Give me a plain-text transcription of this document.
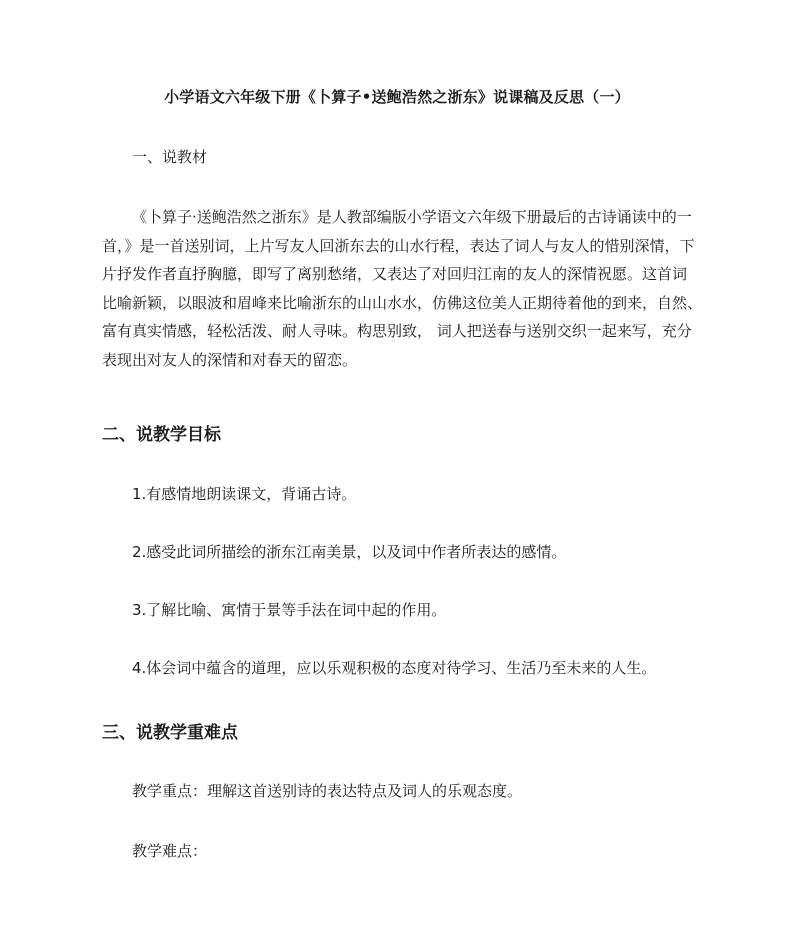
小学语文六年级下册《卜算子•送鲍浩然之浙东》说课稿及反思（一）
一、说教材

《卜算子·送鲍浩然之浙东》是人教部编版小学语文六年级下册最后的古诗诵读中的一
首，》是一首送别词，上片写友人回浙东去的山水行程，表达了词人与友人的惜别深情，下
片抒发作者直抒胸臆，即写了离别愁绪，又表达了对回归江南的友人的深情祝愿。这首词
比喻新颖，以眼波和眉峰来比喻浙东的山山水水，仿佛这位美人正期待着他的到来，自然、
富有真实情感，轻松活泼、耐人寻味。构思别致， 词人把送春与送别交织一起来写，充分
表现出对友人的深情和对春天的留恋。

二、说教学目标
1.有感情地朗读课文，背诵古诗。
2.感受此词所描绘的浙东江南美景，以及词中作者所表达的感情。
3.了解比喻、寓情于景等手法在词中起的作用。
4.体会词中蕴含的道理，应以乐观积极的态度对待学习、生活乃至未来的人生。
三、说教学重难点
教学重点：理解这首送别诗的表达特点及词人的乐观态度。
教学难点：
